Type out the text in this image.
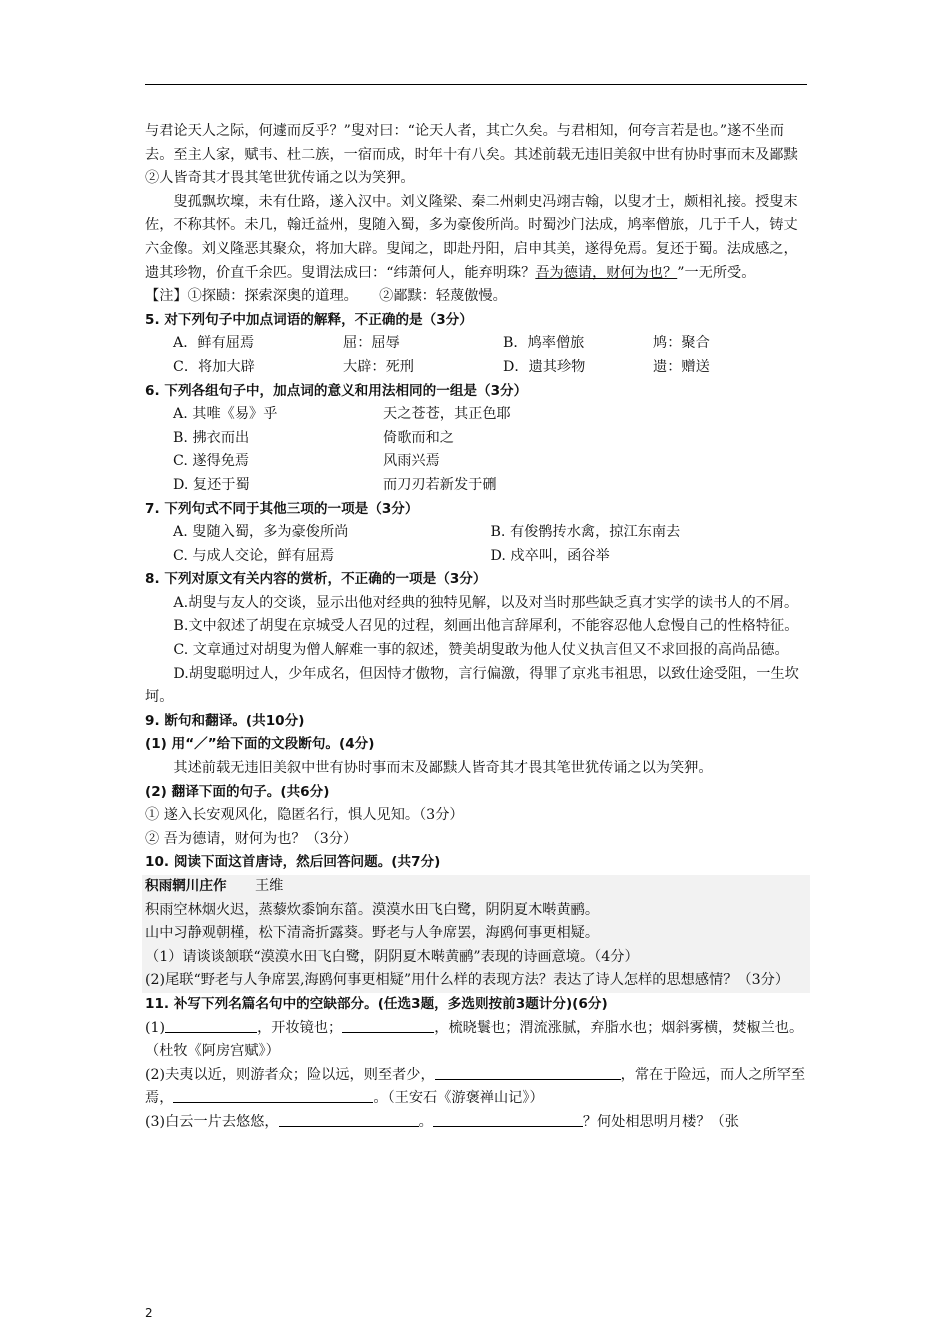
与君论天人之际，何遽而反乎？”叟对曰：“论天人者，其亡久矣。与君相知，何夸言若是也。”遂不坐而去。至主人家，赋韦、杜二族，一宿而成，时年十有八矣。其述前载无违旧美叙中世有协时事而末及鄙黩②人皆奇其才畏其笔世犹传诵之以为笑狎。

叟孤飘坎壈，未有仕路，遂入汉中。刘义隆梁、秦二州刺史冯翊吉翰，以叟才士，颇相礼接。授叟末佐，不称其怀。未几，翰迁益州，叟随入蜀，多为豪俊所尚。时蜀沙门法成，鸠率僧旅，几于千人，铸丈六金像。刘义隆恶其聚众，将加大辟。叟闻之，即赴丹阳，启申其美，遂得免焉。复还于蜀。法成感之，遗其珍物，价直千余匹。叟谓法成曰：“纬萧何人，能弃明珠？吾为德请，财何为也？”一无所受。

【注】①探赜：探索深奥的道理。　　②鄙黩：轻蔑傲慢。

5. 对下列句子中加点词语的解释，不正确的是（3分）

A．鲜有屈焉	屈：屈辱	B．鸠率僧旅	鸠：聚合
C．将加大辟	大辟：死刑	D．遗其珍物	遗：赠送

6. 下列各组句子中，加点词的意义和用法相同的一组是（3分）

A. 其唯《易》乎	天之苍苍，其正色耶
B. 拂衣而出	倚歌而和之
C. 遂得免焉	风雨兴焉
D. 复还于蜀	而刀刃若新发于硎

7. 下列句式不同于其他三项的一项是（3分）

A. 叟随入蜀，多为豪俊所尚	B. 有俊鹘抟水禽，掠江东南去
C. 与成人交论，鲜有屈焉	D. 戍卒叫，函谷举

8. 下列对原文有关内容的赏析，不正确的一项是（3分）

A.胡叟与友人的交谈，显示出他对经典的独特见解，以及对当时那些缺乏真才实学的读书人的不屑。

B.文中叙述了胡叟在京城受人召见的过程，刻画出他言辞犀利，不能容忍他人怠慢自己的性格特征。

C. 文章通过对胡叟为僧人解难一事的叙述，赞美胡叟敢为他人仗义执言但又不求回报的高尚品德。

D.胡叟聪明过人，少年成名，但因恃才傲物，言行偏激，得罪了京兆韦祖思，以致仕途受阻，一生坎坷。

9. 断句和翻译。(共10分)

(1) 用“／”给下面的文段断句。(4分)

其述前载无违旧美叙中世有协时事而末及鄙黩人皆奇其才畏其笔世犹传诵之以为笑狎。

(2) 翻译下面的句子。(共6分)

① 遂入长安观风化，隐匿名行，惧人见知。（3分）

② 吾为德请，财何为也？（3分）

10. 阅读下面这首唐诗，然后回答问题。(共7分)

积雨辋川庄作　　 王维

积雨空林烟火迟，蒸藜炊黍饷东菑。漠漠水田飞白鹭，阴阴夏木啭黄鹂。

山中习静观朝槿，松下清斋折露葵。野老与人争席罢，海鸥何事更相疑。

（1）请谈谈颔联“漠漠水田飞白鹭，阴阴夏木啭黄鹂”表现的诗画意境。（4分）

(2)尾联“野老与人争席罢,海鸥何事更相疑”用什么样的表现方法？表达了诗人怎样的思想感情？（3分）

11. 补写下列名篇名句中的空缺部分。(任选3题，多选则按前3题计分)(6分)

(1)	，开妆镜也；	，梳晓鬟也；渭流涨腻，弃脂水也；烟斜雾横，焚椒兰也。（杜牧《阿房宫赋》）

(2)夫夷以近，则游者众；险以远，则至者少，	，常在于险远，而人之所罕至焉，	。（王安石《游褒禅山记》）

(3)白云一片去悠悠，	。	？何处相思明月楼？（张

2
